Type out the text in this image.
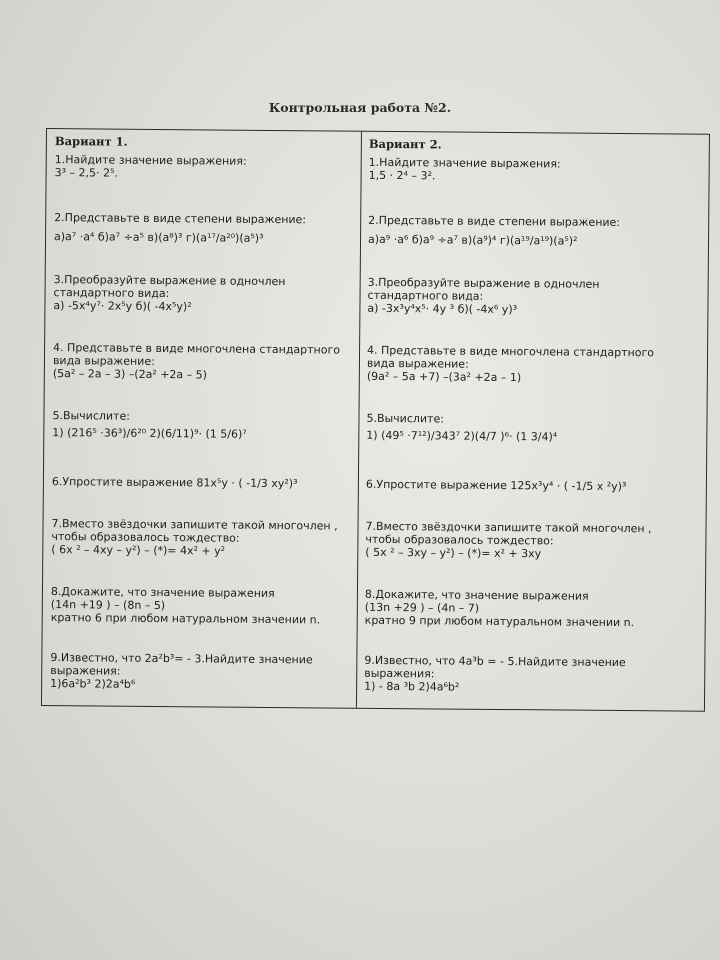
Контрольная работа №2.
Вариант 1.
1.Найдите значение выражения:
3³ – 2,5· 2⁵.
2.Представьте в виде степени выражение:
а)а⁷ ·а⁴ б)а⁷ ÷а⁵ в)(а⁸)³ г)(а¹⁷/а²⁰)(а⁵)³
3.Преобразуйте выражение в одночлен
стандартного вида:
а) -5х⁴у⁷· 2х⁵у б)( -4х⁵у)²
4. Представьте в виде многочлена стандартного
вида выражение:
(5а² – 2а – 3) –(2а² +2а – 5)
5.Вычислите:
1) (216⁵ ·36³)/6²⁰ 2)(6/11)⁹· (1 5/6)⁷
6.Упростите выражение 81х⁵у · ( -1/3 ху²)³
7.Вместо звёздочки запишите такой многочлен ,
чтобы образовалось тождество:
( 6х ² – 4ху – у²) – (*)= 4х² + у²
8.Докажите, что значение выражения
(14n +19 ) – (8n – 5)
кратно 6 при любом натуральном значении n.
9.Известно, что 2а²b³= - 3.Найдите значение
выражения:
1)6а²b³ 2)2а⁴b⁶
Вариант 2.
1.Найдите значение выражения:
1,5 · 2⁴ – 3².
2.Представьте в виде степени выражение:
а)а⁹ ·а⁶ б)а⁹ ÷а⁷ в)(а⁹)⁴ г)(а¹⁹/а¹⁹)(а⁵)²
3.Преобразуйте выражение в одночлен
стандартного вида:
а) -3х³у⁴х⁵· 4у ³ б)( -4х⁶ у)³
4. Представьте в виде многочлена стандартного
вида выражение:
(9а² – 5а +7) –(3а² +2а – 1)
5.Вычислите:
1) (49⁵ ·7¹²)/343⁷ 2)(4/7 )⁶· (1 3/4)⁴
6.Упростите выражение 125х³у⁴ · ( -1/5 х ²у)³
7.Вместо звёздочки запишите такой многочлен ,
чтобы образовалось тождество:
( 5х ² – 3ху – у²) – (*)= х² + 3ху
8.Докажите, что значение выражения
(13n +29 ) – (4n – 7)
кратно 9 при любом натуральном значении n.
9.Известно, что 4а³b = - 5.Найдите значение
выражения:
1) - 8а ³b 2)4а⁶b²
